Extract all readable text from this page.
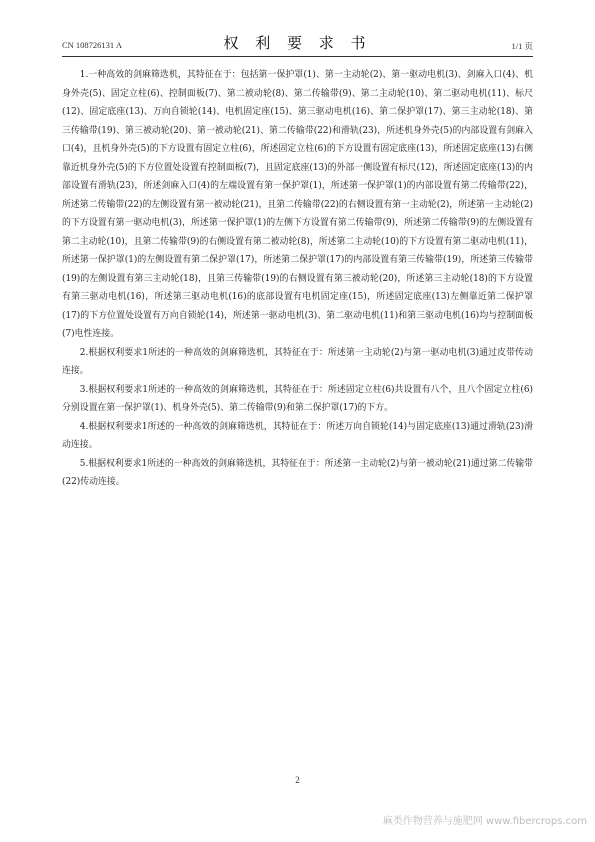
CN 108726131 A	权 利 要 求 书	1/1 页

1.一种高效的剑麻筛选机，其特征在于：包括第一保护罩(1)、第一主动轮(2)、第一驱动电机(3)、剑麻入口(4)、机身外壳(5)、固定立柱(6)、控制面板(7)、第二被动轮(8)、第二传输带(9)、第二主动轮(10)、第二驱动电机(11)、标尺(12)、固定底座(13)、万向自锁轮(14)、电机固定座(15)、第三驱动电机(16)、第二保护罩(17)、第三主动轮(18)、第三传输带(19)、第三被动轮(20)、第一被动轮(21)、第二传输带(22)和滑轨(23)，所述机身外壳(5)的内部设置有剑麻入口(4)，且机身外壳(5)的下方设置有固定立柱(6)，所述固定立柱(6)的下方设置有固定底座(13)，所述固定底座(13)右侧靠近机身外壳(5)的下方位置处设置有控制面板(7)，且固定底座(13)的外部一侧设置有标尺(12)，所述固定底座(13)的内部设置有滑轨(23)，所述剑麻入口(4)的左端设置有第一保护罩(1)，所述第一保护罩(1)的内部设置有第二传输带(22)，所述第二传输带(22)的左侧设置有第一被动轮(21)，且第二传输带(22)的右侧设置有第一主动轮(2)，所述第一主动轮(2)的下方设置有第一驱动电机(3)，所述第一保护罩(1)的左侧下方设置有第二传输带(9)，所述第二传输带(9)的左侧设置有第二主动轮(10)，且第二传输带(9)的右侧设置有第二被动轮(8)，所述第二主动轮(10)的下方设置有第二驱动电机(11)，所述第一保护罩(1)的左侧设置有第二保护罩(17)，所述第二保护罩(17)的内部设置有第三传输带(19)，所述第三传输带(19)的左侧设置有第三主动轮(18)，且第三传输带(19)的右侧设置有第三被动轮(20)，所述第三主动轮(18)的下方设置有第三驱动电机(16)，所述第三驱动电机(16)的底部设置有电机固定座(15)，所述固定底座(13)左侧靠近第二保护罩(17)的下方位置处设置有万向自锁轮(14)，所述第一驱动电机(3)、第二驱动电机(11)和第三驱动电机(16)均与控制面板(7)电性连接。

2.根据权利要求1所述的一种高效的剑麻筛选机，其特征在于：所述第一主动轮(2)与第一驱动电机(3)通过皮带传动连接。

3.根据权利要求1所述的一种高效的剑麻筛选机，其特征在于：所述固定立柱(6)共设置有八个，且八个固定立柱(6)分别设置在第一保护罩(1)、机身外壳(5)、第二传输带(9)和第二保护罩(17)的下方。

4.根据权利要求1所述的一种高效的剑麻筛选机，其特征在于：所述万向自锁轮(14)与固定底座(13)通过滑轨(23)滑动连接。

5.根据权利要求1所述的一种高效的剑麻筛选机，其特征在于：所述第一主动轮(2)与第一被动轮(21)通过第二传输带(22)传动连接。

2
麻类作物营养与施肥网 www.fibercrops.com
